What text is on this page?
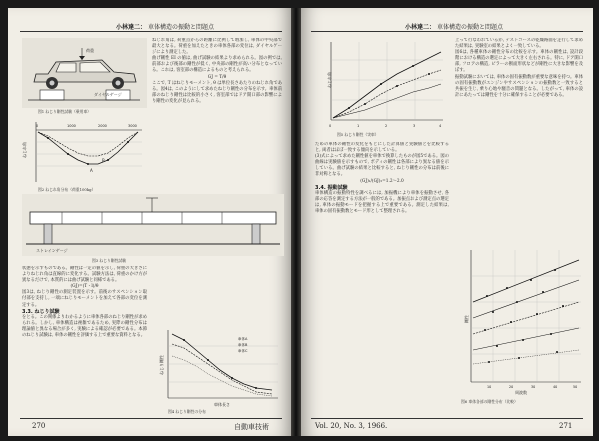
小林達二： 車体構造の振動と問題点
荷重
ダイヤルゲージ
図1 ねじり剛性試験（乗用車）
ねじれ角
0	1000	2000	3000
A
B
図2 ねじれ角分布（荷重100kg）
ストレインゲージ
図3 ねじり剛性試験

ねじれ角は, 荷重点からの距離に比例して増加し, 車体の中央部で最大となる。荷重を加えたときの車体各部の変位は, ダイヤルゲージにより測定した。

曲げ剛性 EI の値は, 曲げ試験の結果より求められる。図の例では, 前部および後部の剛性が低く, 中央部の剛性が高い分布となっている。これは, 客室部の構造によるものと考えられる。

GJ = T/θ

ここで, T はねじりモーメント, θ は単位長さあたりのねじれ角である。図4は, このようにして求めたねじり剛性の分布を示す。車体前部のねじり剛性は比較的小さく, 客室部ではドア開口部の影響により剛性の変化が見られる。

状態を示すものである。剛性は一定の値を示し, 荷重の大きさによりねじれ角は直線的に変化する。試験方法は, 荷重のかけ方が異なるだけで, 本質的には曲げ試験と同様である。

(GJ)=(T・l)/θ

図3は, ねじり剛性の測定装置を示す。前後のサスペンション取付部を支持し, 一端にねじりモーメントを加えて各部の変位を測定する。

3.3. ねじり試験

をとる。この関係よりわかるように車体各部のねじり剛性が求められる。しかし, 車体構造は複雑であるため, 実際の剛性分布は理論値と異なる場合が多く, 実験による確認が必要である。本節のねじり試験は, 車体の剛性を評価する上で重要な資料となる。

ねじり剛性
車体長さ
車体A
車体B
車体C
図4 ねじり剛性の分布
270	自動車技術
小林達二： 車体構造の振動と問題点
ねじれ角
0	1	2	3	4
図5 ねじり剛性（実車）

ための車体の剛性の変化をもとにした計算値と実験値とを比較すると, 両者はほぼ一致する傾向を示している。

(3)式によって求めた剛性値を車体で換算したものが図5である。図の曲線は実験値を示すもので, ボディの剛性は各部により異なる値を示している。曲げ試験の結果と比較すると, ねじり剛性の分布は前後に非対称となる。

(GJ)₁/(GJ)₂=1.2〜2.0

3.4. 振動試験

車体構造の振動特性を調べるには, 加振機により車体を振動させ, 各部の応答を測定する方法が一般的である。加振点および測定点の選定は, 車体の振動モードを把握する上で重要である。測定した結果は, 車体の固有振動数とモード形として整理される。

上って行なわれているが, テストコースの乾燥路面を走行して求めた結果は, 実験室の結果とよく一致している。

図6は, 各種車体の剛性分布の比較を示す。車体の剛性は, 設計段階における構造の選定によって大きく左右される。特に, ドア開口部, フロアの構造, ピラーの断面形状などが剛性に大きな影響を及ぼす。

振動試験においては, 車体の固有振動数が重要な意味を持つ。車体の固有振動数がエンジンやサスペンションの振動数と一致すると共振を生じ, 乗り心地や騒音の問題となる。したがって, 車体の設計にあたっては剛性を十分に確保することが必要である。

剛性
周波数
10	20	30	40	50
図6 車体各部の剛性分布（比較）
Vol. 20, No. 3, 1966.	271
